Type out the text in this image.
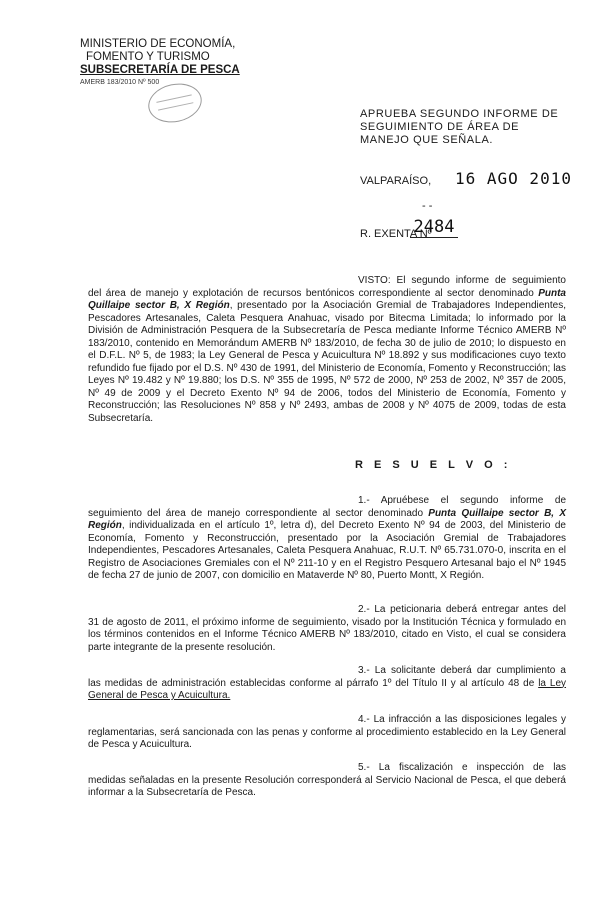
MINISTERIO DE ECONOMÍA,
FOMENTO Y TURISMO
SUBSECRETARÍA DE PESCA
AMERB 183/2010 Nº 500
APRUEBA SEGUNDO INFORME DE SEGUIMIENTO DE ÁREA DE MANEJO QUE SEÑALA.
VALPARAÍSO, 16 AGO 2010
- -
R. EXENTA Nº
2484

VISTO: El segundo informe de seguimiento del área de manejo y explotación de recursos bentónicos correspondiente al sector denominado Punta Quillaipe sector B, X Región, presentado por la Asociación Gremial de Trabajadores Independientes, Pescadores Artesanales, Caleta Pesquera Anahuac, visado por Bitecma Limitada; lo informado por la División de Administración Pesquera de la Subsecretaría de Pesca mediante Informe Técnico AMERB Nº 183/2010, contenido en Memorándum AMERB Nº 183/2010, de fecha 30 de julio de 2010; lo dispuesto en el D.F.L. Nº 5, de 1983; la Ley General de Pesca y Acuicultura Nº 18.892 y sus modificaciones cuyo texto refundido fue fijado por el D.S. Nº 430 de 1991, del Ministerio de Economía, Fomento y Reconstrucción; las Leyes Nº 19.482 y Nº 19.880; los D.S. Nº 355 de 1995, Nº 572 de 2000, Nº 253 de 2002, Nº 357 de 2005, Nº 49 de 2009 y el Decreto Exento Nº 94 de 2006, todos del Ministerio de Economía, Fomento y Reconstrucción; las Resoluciones Nº 858 y Nº 2493, ambas de 2008 y Nº 4075 de 2009, todas de esta Subsecretaría.

R E S U E L V O :

1.- Apruébese el segundo informe de seguimiento del área de manejo correspondiente al sector denominado Punta Quillaipe sector B, X Región, individualizada en el artículo 1º, letra d), del Decreto Exento Nº 94 de 2003, del Ministerio de Economía, Fomento y Reconstrucción, presentado por la Asociación Gremial de Trabajadores Independientes, Pescadores Artesanales, Caleta Pesquera Anahuac, R.U.T. Nº 65.731.070-0, inscrita en el Registro de Asociaciones Gremiales con el Nº 211-10 y en el Registro Pesquero Artesanal bajo el Nº 1945 de fecha 27 de junio de 2007, con domicilio en Mataverde Nº 80, Puerto Montt, X Región.

2.- La peticionaria deberá entregar antes del 31 de agosto de 2011, el próximo informe de seguimiento, visado por la Institución Técnica y formulado en los términos contenidos en el Informe Técnico AMERB Nº 183/2010, citado en Visto, el cual se considera parte integrante de la presente resolución.

3.- La solicitante deberá dar cumplimiento a las medidas de administración establecidas conforme al párrafo 1º del Título II y al artículo 48 de la Ley General de Pesca y Acuicultura.

4.- La infracción a las disposiciones legales y reglamentarias, será sancionada con las penas y conforme al procedimiento establecido en la Ley General de Pesca y Acuicultura.

5.- La fiscalización e inspección de las medidas señaladas en la presente Resolución corresponderá al Servicio Nacional de Pesca, el que deberá informar a la Subsecretaría de Pesca.
